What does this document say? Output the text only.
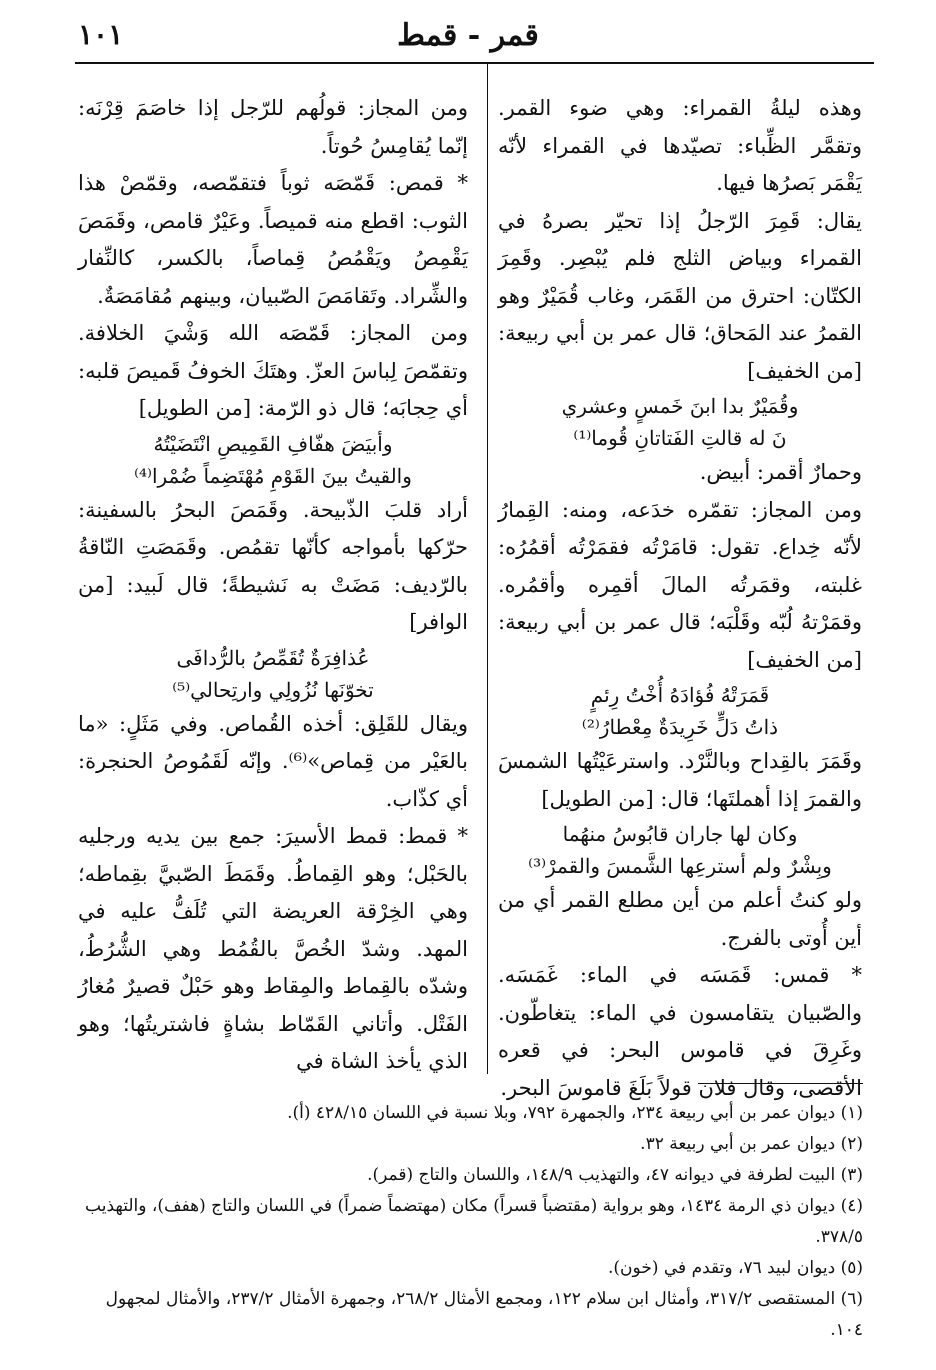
قمر - قمط
١٠١

وهذه ليلةُ القمراء: وهي ضوء القمر. وتقمَّر الظِّباء: تصيّدها في القمراء لأنّه يَقْمَر بَصرُها فيها.

يقال: قَمِرَ الرّجلُ إذا تحيّر بصرهُ في القمراء وبياض الثلج فلم يُبْصِر. وقَمِرَ الكتّان: احترق من القَمَر، وغاب قُمَيْرٌ وهو القمرُ عند المَحاق؛ قال عمر بن أبي ربيعة: [من الخفيف]

وقُمَيْرٌ بدا ابنَ خَمسٍ وعشري

نَ له قالتِ الفَتاتانِ قُوما⁽¹⁾

وحمارٌ أقمر: أبيض.

ومن المجاز: تقمّره خدَعه، ومنه: القِمارُ لأنّه خِداع. تقول: قامَرْتُه فقمَرْتُه أقمُرُه: غلبته، وقمَرتُه المالَ أقمِره وأقمُره. وقمَرْتهُ لُبّه وقَلْبَه؛ قال عمر بن أبي ربيعة: [من الخفيف]

قَمَرَتْهُ فُؤادَهُ أُخْتُ رِئمٍ

ذاتُ دَلٍّ خَرِيدَةٌ مِعْطارُ⁽²⁾

وقَمَرَ بالقِداح وبالنَّرْد. واسترعَيْتُها الشمسَ والقمرَ إذا أهملتَها؛ قال: [من الطويل]

وكان لها جاران قابُوسُ منهُما

وبِشْرٌ ولم أسترعِها الشَّمسَ والقمرْ⁽³⁾

ولو كنتُ أعلم من أين مطلع القمر أي من أين أُوتى بالفرج.

* قمس: قَمَسَه في الماء: غَمَسَه. والصّبيان يتقامسون في الماء: يتغاطّون. وغَرِقَ في قاموس البحر: في قعره الأقصى، وقال فلان قولاً بَلَغَ قاموسَ البحر.

ومن المجاز: قولُهم للرّجل إذا خاصَمَ قِرْنَه: إنّما يُقامِسُ حُوتاً.

* قمص: قَمّصَه ثوباً فتقمّصه، وقمّصْ هذا الثوب: اقطع منه قميصاً. وعَيْرٌ قامص، وقَمَصَ يَقْمِصُ ويَقْمُصُ قِماصاً، بالكسر، كالنِّفار والشِّراد. وتَقامَصَ الصّبيان، وبينهم مُقامَصَةٌ.

ومن المجاز: قَمّصَه الله وَشْيَ الخلافة. وتقمّصَ لِباسَ العزّ. وهتَكَ الخوفُ قَميصَ قلبه: أي حِجابَه؛ قال ذو الرّمة: [من الطويل]

وأبيَضَ هفّافِ القَمِيصِ انْتَضَيْتُهُ

والقيتُ بينَ القَوْمِ مُهْتَضِماً ضُمْرا⁽⁴⁾

أراد قلبَ الذّبيحة. وقَمَصَ البحرُ بالسفينة: حرّكها بأمواجه كأنّها تقمُص. وقَمَصَتِ النّاقةُ بالرّديف: مَضَتْ به نَشيطةً؛ قال لَبيد: [من الوافر]

عُذافِرَةٌ تُقَمِّصُ بالرُّدافَى

تخوّنَها نُزُولِي وارتِحالي⁽⁵⁾

ويقال للقَلِق: أخذه القُماص. وفي مَثَلٍ: «ما بالعَيْر من قِماص»⁽⁶⁾. وإنّه لَقَمُوصُ الحنجرة: أي كذّاب.

* قمط: قمط الأسيرَ: جمع بين يديه ورجليه بالحَبْل؛ وهو القِماطُ. وقَمَطَ الصّبيَّ بقِماطه؛ وهي الخِرْقة العريضة التي تُلَفُّ عليه في المهد. وشدّ الخُصَّ بالقُمُط وهي الشُّرُطُ، وشدّه بالقِماط والمِقاط وهو حَبْلٌ قصيرٌ مُغارُ الفَتْل. وأتاني القَمّاط بشاةٍ فاشتريتُها؛ وهو الذي يأخذ الشاة في

(١) ديوان عمر بن أبي ربيعة ٢٣٤، والجمهرة ٧٩٢، وبلا نسبة في اللسان ٤٢٨/١٥ (أ).
(٢) ديوان عمر بن أبي ربيعة ٣٢.
(٣) البيت لطرفة في ديوانه ٤٧، والتهذيب ١٤٨/٩، واللسان والتاج (قمر).
(٤) ديوان ذي الرمة ١٤٣٤، وهو برواية (مقتضباً قسراً) مكان (مهتضماً ضمراً) في اللسان والتاج (هفف)، والتهذيب ٣٧٨/٥.
(٥) ديوان لبيد ٧٦، وتقدم في (خون).
(٦) المستقصى ٣١٧/٢، وأمثال ابن سلام ١٢٢، ومجمع الأمثال ٢٦٨/٢، وجمهرة الأمثال ٢٣٧/٢، والأمثال لمجهول ١٠٤.
